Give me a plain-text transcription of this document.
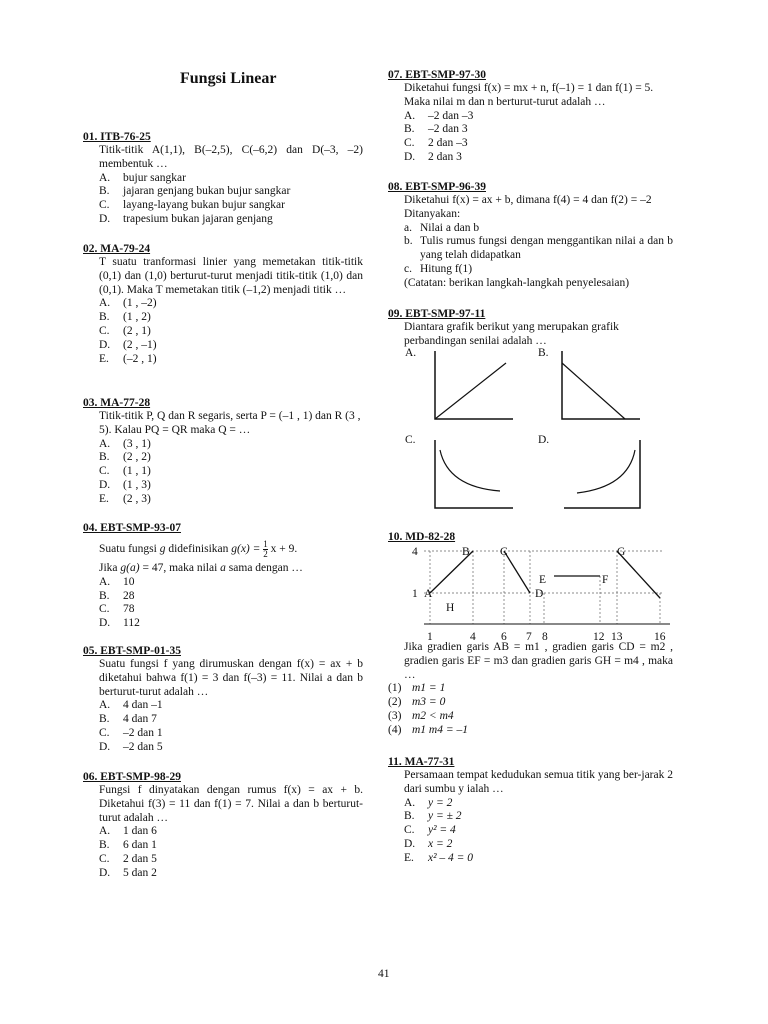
Fungsi Linear
01. ITB-76-25
Titik-titik A(1,1), B(–2,5), C(–6,2) dan D(–3, –2) membentuk …
A.	bujur sangkar
B.	jajaran genjang bukan bujur sangkar
C.	layang-layang bukan bujur sangkar
D.	trapesium bukan jajaran genjang
02. MA-79-24
T suatu tranformasi linier yang memetakan titik-titik (0,1) dan (1,0) berturut-turut menjadi titik-titik (1,0) dan (0,1). Maka T memetakan titik (–1,2) menjadi titik …
A.	(1 , –2)
B.	(1 , 2)
C.	(2 , 1)
D.	(2 , –1)
E.	(–2 , 1)
03. MA-77-28
Titik-titik P, Q dan R segaris, serta P = (–1 , 1) dan R (3 , 5). Kalau PQ = QR maka Q = …
A.	(3 , 1)
B.	(2 , 2)
C.	(1 , 1)
D.	(1 , 3)
E.	(2 , 3)
04. EBT-SMP-93-07
Suatu fungsi g didefinisikan $g(x) = \frac{1}{2}$ x + 9.
Jika g(a) = 47, maka nilai a sama dengan …
A.	10
B.	28
C.	78
D.	112
05. EBT-SMP-01-35
Suatu fungsi f yang dirumuskan dengan f(x) = ax + b diketahui bahwa f(1) = 3 dan f(–3) = 11. Nilai a dan b berturut-turut adalah …
A.	4 dan –1
B.	4 dan 7
C.	–2 dan 1
D.	–2 dan 5
06. EBT-SMP-98-29
Fungsi f dinyatakan dengan rumus f(x) = ax + b. Diketahui f(3) = 11 dan f(1) = 7. Nilai a dan b berturut-turut adalah …
A.	1 dan 6
B.	6 dan 1
C.	2 dan 5
D.	5 dan 2
07. EBT-SMP-97-30
Diketahui fungsi f(x) = mx + n, f(–1) = 1 dan f(1) = 5. Maka nilai m dan n berturut-turut adalah …
A.	–2 dan –3
B.	–2 dan 3
C.	2 dan –3
D.	2 dan 3
08. EBT-SMP-96-39
Diketahui f(x) = ax + b, dimana f(4) = 4 dan f(2) = –2
Ditanyakan:
a. Nilai a dan b
b. Tulis rumus fungsi dengan menggantikan nilai a dan b yang telah didapatkan
c. Hitung f(1)
(Catatan: berikan langkah-langkah penyelesaian)
09. EBT-SMP-97-11
Diantara grafik berikut yang merupakan grafik perbandingan senilai adalah …
A.	B.
C.	D.
10. MD-82-28
4
1 A
B	C
D
E	F
G
H
1	4 6 7 8	12 13	16
Jika gradien garis AB = m1 , gradien garis CD = m2 , gradien garis EF = m3 dan gradien garis GH = m4 , maka …
(1) m1 = 1
(2) m3 = 0
(3) m2 < m4
(4) m1 m4 = –1
11. MA-77-31
Persamaan tempat kedudukan semua titik yang ber-jarak 2 dari sumbu y ialah …
A.	y = 2
B.	y = ± 2
C.	y² = 4
D.	x = 2
E.	x² – 4 = 0
41
